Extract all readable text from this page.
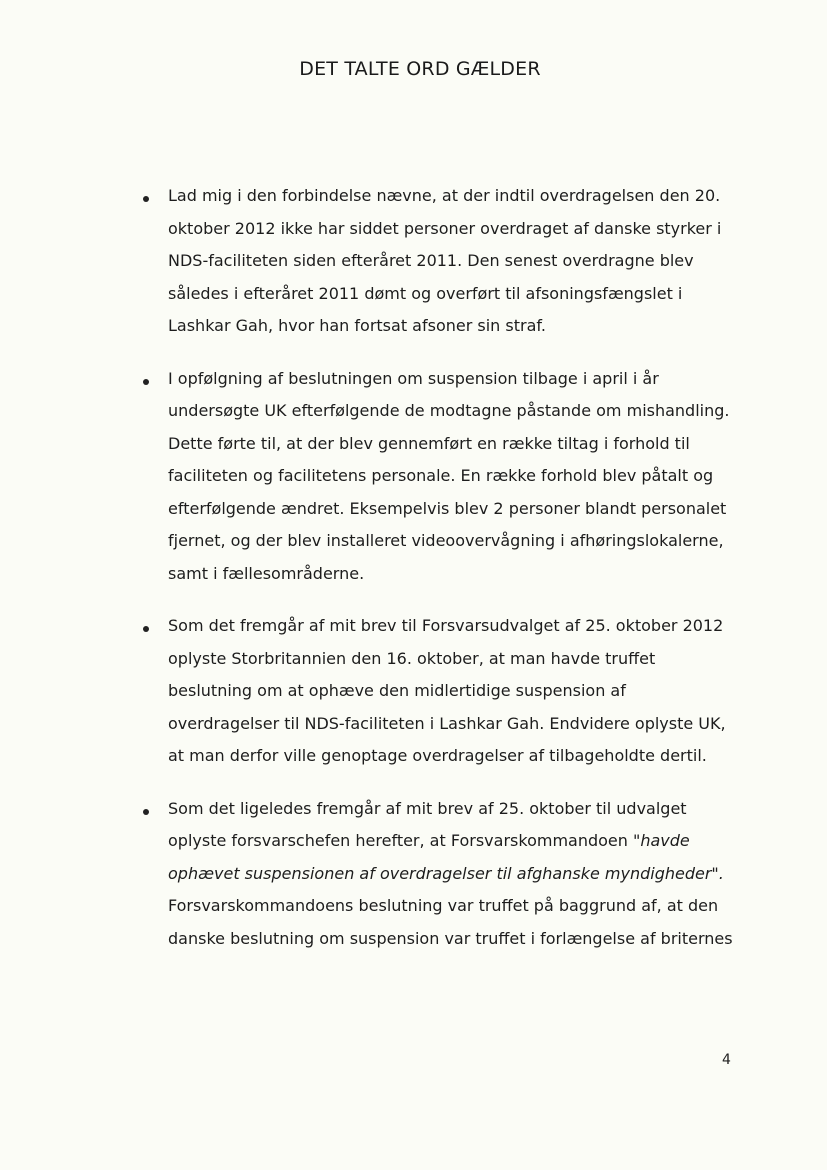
DET TALTE ORD GÆLDER
Lad mig i den forbindelse nævne, at der indtil overdragelsen den 20.
oktober 2012 ikke har siddet personer overdraget af danske styrker i
NDS-faciliteten siden efteråret 2011. Den senest overdragne blev
således i efteråret 2011 dømt og overført til afsoningsfængslet i
Lashkar Gah, hvor han fortsat afsoner sin straf.
I opfølgning af beslutningen om suspension tilbage i april i år
undersøgte UK efterfølgende de modtagne påstande om mishandling.
Dette førte til, at der blev gennemført en række tiltag i forhold til
faciliteten og facilitetens personale. En række forhold blev påtalt og
efterfølgende ændret. Eksempelvis blev 2 personer blandt personalet
fjernet, og der blev installeret videoovervågning i afhøringslokalerne,
samt i fællesområderne.
Som det fremgår af mit brev til Forsvarsudvalget af 25. oktober 2012
oplyste Storbritannien den 16. oktober, at man havde truffet
beslutning om at ophæve den midlertidige suspension af
overdragelser til NDS-faciliteten i Lashkar Gah. Endvidere oplyste UK,
at man derfor ville genoptage overdragelser af tilbageholdte dertil.
Som det ligeledes fremgår af mit brev af 25. oktober til udvalget
oplyste forsvarschefen herefter, at Forsvarskommandoen "havde
ophævet suspensionen af overdragelser til afghanske myndigheder".
Forsvarskommandoens beslutning var truffet på baggrund af, at den
danske beslutning om suspension var truffet i forlængelse af briternes
4
